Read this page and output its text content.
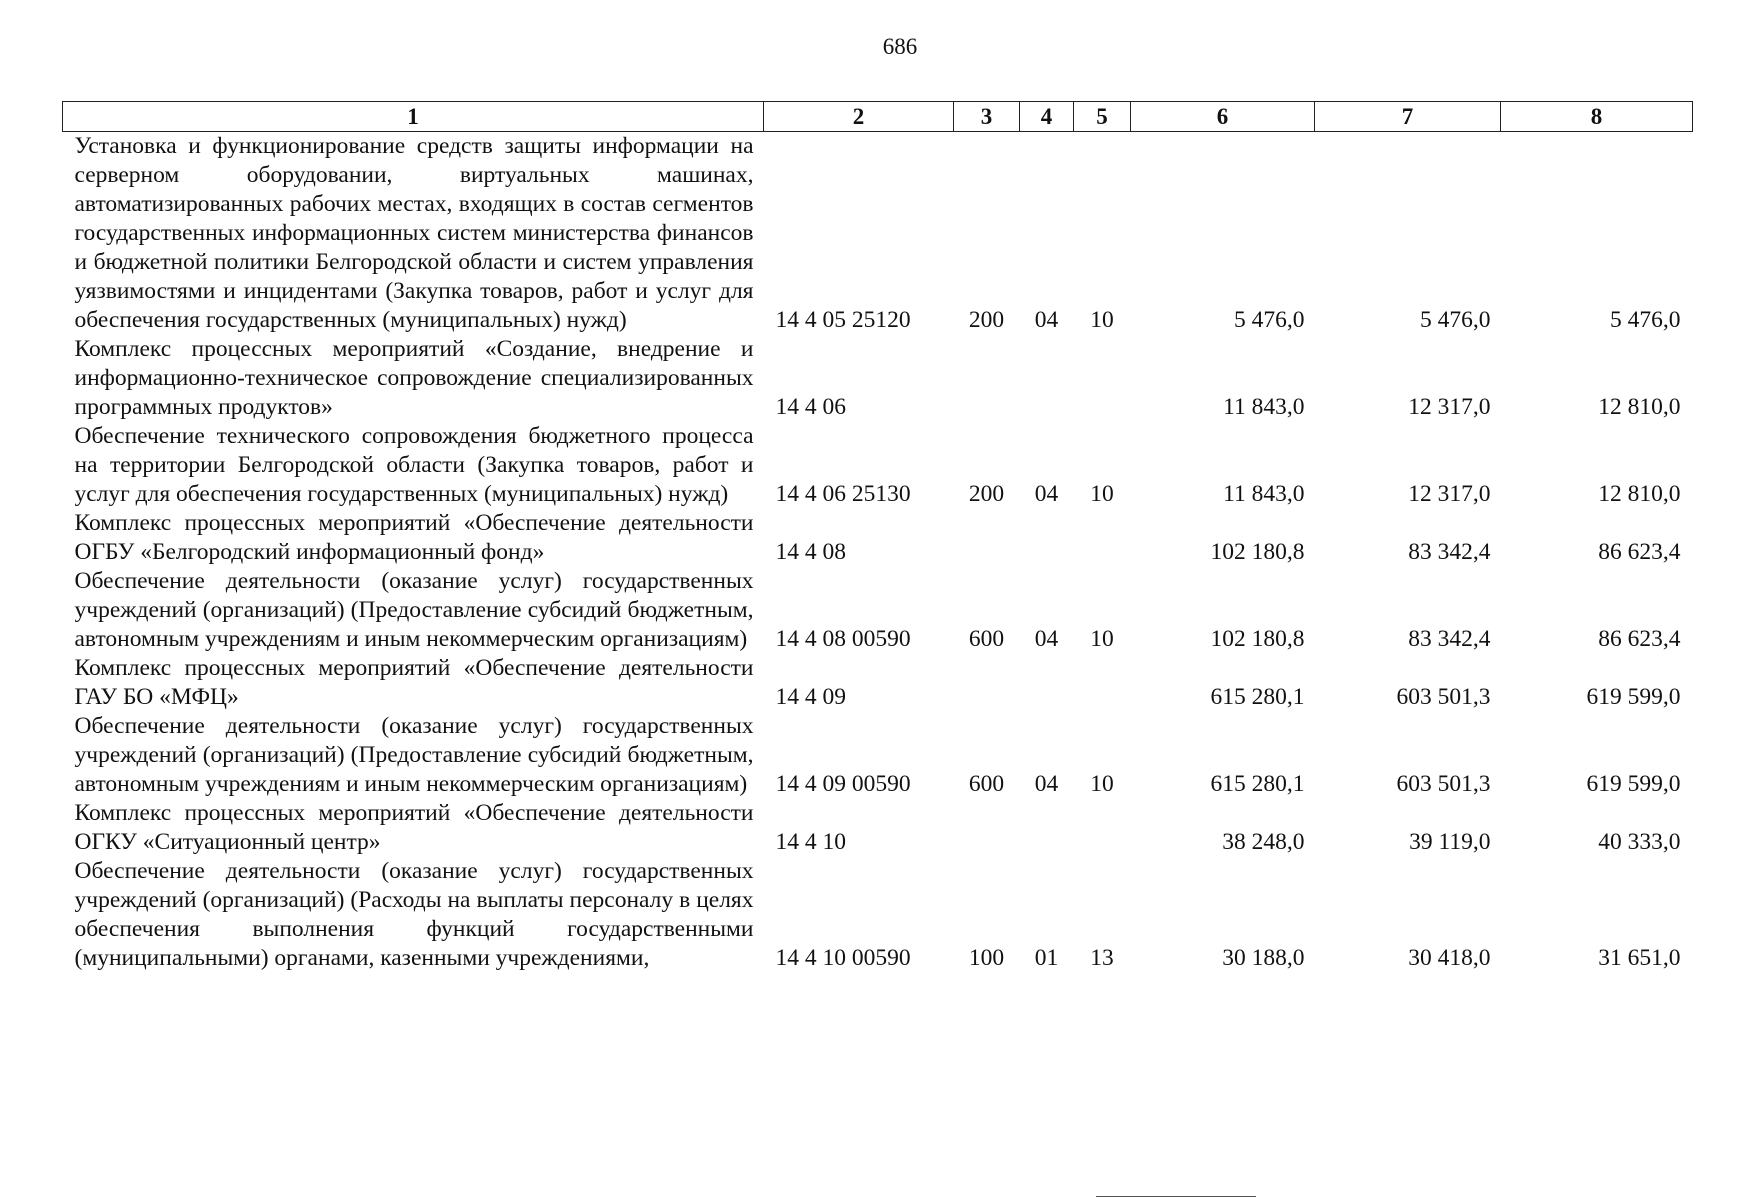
686
1	2	3	4	5	6	7	8
Установка и функционирование средств защиты информации на серверном оборудовании, виртуальных машинах, автоматизированных рабочих местах, входящих в состав сегментов государственных информационных систем министерства финансов и бюджетной политики Белгородской области и систем управления уязвимостями и инцидентами (Закупка товаров, работ и услуг для обеспечения государственных (муниципальных) нужд)	14 4 05 25120	200	04	10	5 476,0	5 476,0	5 476,0
Комплекс процессных мероприятий «Создание, внедрение и информационно-техническое сопровождение специализированных программных продуктов»	14 4 06				11 843,0	12 317,0	12 810,0
Обеспечение технического сопровождения бюджетного процесса на территории Белгородской области (Закупка товаров, работ и услуг для обеспечения государственных (муниципальных) нужд)	14 4 06 25130	200	04	10	11 843,0	12 317,0	12 810,0
Комплекс процессных мероприятий «Обеспечение деятельности ОГБУ «Белгородский информационный фонд»	14 4 08				102 180,8	83 342,4	86 623,4
Обеспечение деятельности (оказание услуг) государственных учреждений (организаций) (Предоставление субсидий бюджетным, автономным учреждениям и иным некоммерческим организациям)	14 4 08 00590	600	04	10	102 180,8	83 342,4	86 623,4
Комплекс процессных мероприятий «Обеспечение деятельности ГАУ БО «МФЦ»	14 4 09				615 280,1	603 501,3	619 599,0
Обеспечение деятельности (оказание услуг) государственных учреждений (организаций) (Предоставление субсидий бюджетным, автономным учреждениям и иным некоммерческим организациям)	14 4 09 00590	600	04	10	615 280,1	603 501,3	619 599,0
Комплекс процессных мероприятий «Обеспечение деятельности ОГКУ «Ситуационный центр»	14 4 10				38 248,0	39 119,0	40 333,0
Обеспечение деятельности (оказание услуг) государственных учреждений (организаций) (Расходы на выплаты персоналу в целях обеспечения выполнения функций государственными (муниципальными) органами, казенными учреждениями,	14 4 10 00590	100	01	13	30 188,0	30 418,0	31 651,0
